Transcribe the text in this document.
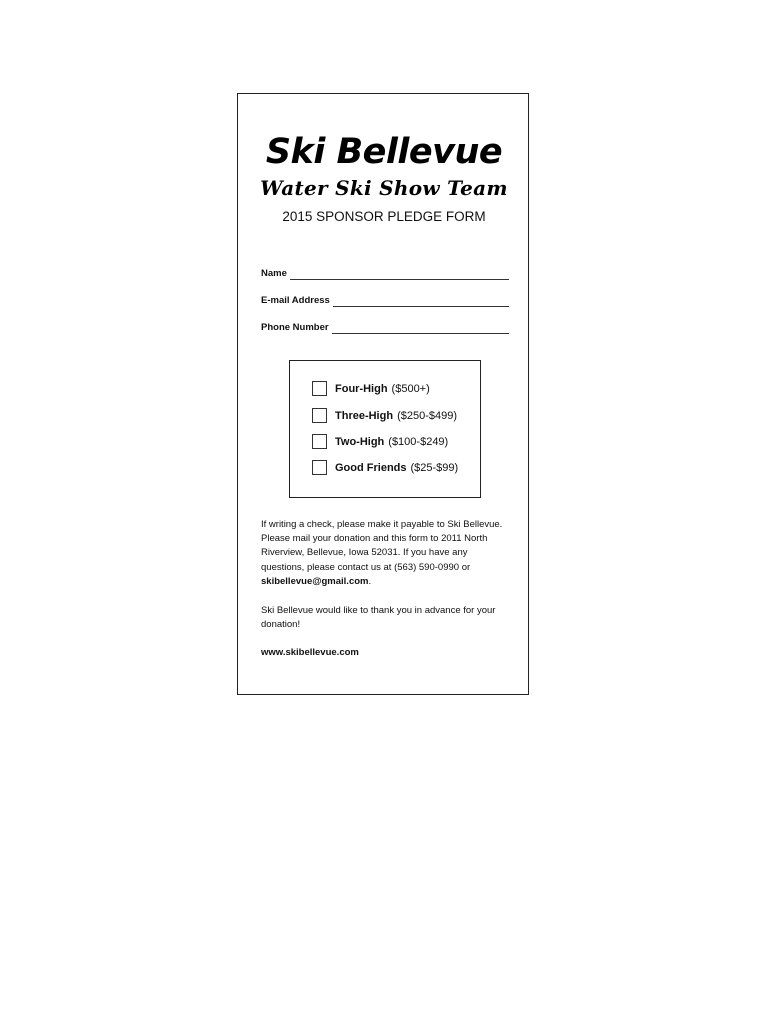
Ski Bellevue
Water Ski Show Team
2015 SPONSOR PLEDGE FORM
Name
E-mail Address
Phone Number
Four-High ($500+)
Three-High ($250-$499)
Two-High ($100-$249)
Good Friends ($25-$99)
If writing a check, please make it payable to Ski Bellevue. Please mail your donation and this form to 2011 North Riverview, Bellevue, Iowa 52031. If you have any questions, please contact us at (563) 590-0990 or skibellevue@gmail.com.
Ski Bellevue would like to thank you in advance for your donation!
www.skibellevue.com
